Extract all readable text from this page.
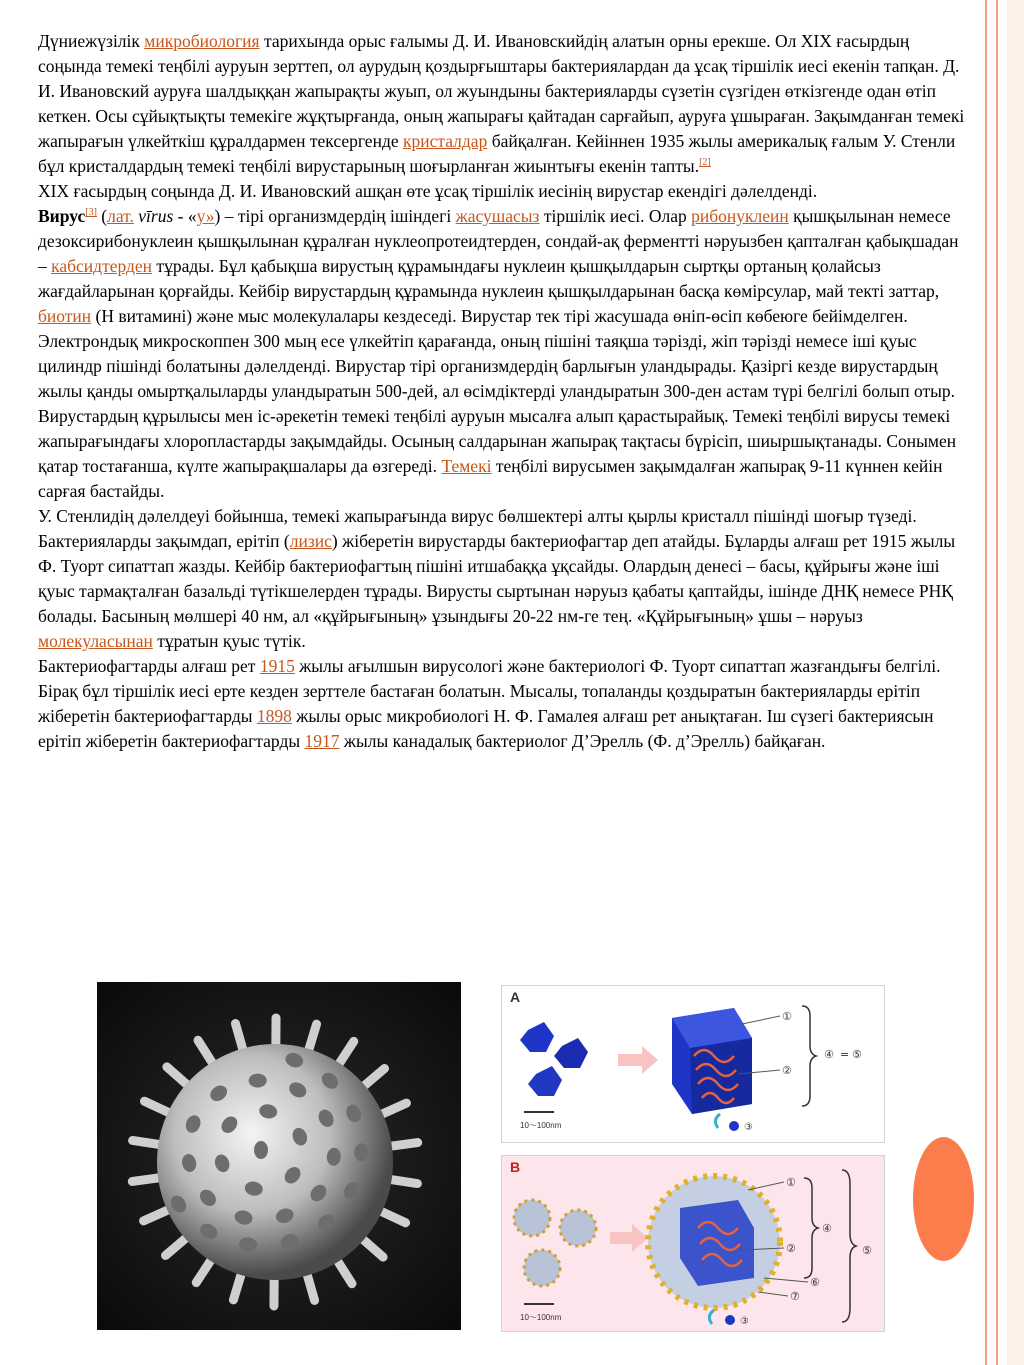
Дүниежүзілік микробиология тарихында орыс ғалымы Д. И. Ивановскийдің алатын орны ерекше. Ол XIX ғасырдың соңында темекі теңбілі ауруын зерттеп, ол аурудың қоздырғыштары бактериялардан да ұсақ тіршілік иесі екенін тапқан. Д. И. Ивановский ауруға шалдыққан жапырақты жуып, ол жуындыны бактерияларды сүзетін сүзгіден өткізгенде одан өтіп кеткен. Осы сұйықтықты темекіге жұқтырғанда, оның жапырағы қайтадан сарғайып, ауруға ұшыраған. Зақымданған темекі жапырағын үлкейткіш құралдармен тексергенде кристалдар байқалған. Кейіннен 1935 жылы америкалық ғалым У. Стенли бұл кристалдардың темекі теңбілі вирустарының шоғырланған жиынтығы екенін тапты.[2]

XIX ғасырдың соңында Д. И. Ивановский ашқан өте ұсақ тіршілік иесінің вирустар екендігі дәлелденді.

Вирус[3] (лат. vīrus - «у») – тірі организмдердің ішіндегі жасушасыз тіршілік иесі. Олар рибонуклеин қышқылынан немесе дезоксирибонуклеин қышқылынан құралған нуклеопротеидтерден, сондай-ақ ферментті нәруызбен қапталған қабықшадан – кабсидтерден тұрады. Бұл қабықша вирустың құрамындағы нуклеин қышқылдарын сыртқы ортаның қолайсыз жағдайларынан қорғайды. Кейбір вирустардың құрамында нуклеин қышқылдарынан басқа көмірсулар, май текті заттар, биотин (Н витамині) және мыс молекулалары кездеседі. Вирустар тек тірі жасушада өніп-өсіп көбеюге бейімделген. Электрондық микроскоппен 300 мың есе үлкейтіп қарағанда, оның пішіні таяқша тәрізді, жіп тәрізді немесе іші қуыс цилиндр пішінді болатыны дәлелденді. Вирустар тірі организмдердің барлығын уландырады. Қазіргі кезде вирустардың жылы қанды омыртқалыларды уландыратын 500-дей, ал өсімдіктерді уландыратын 300-ден астам түрі белгілі болып отыр.

Вирустардың құрылысы мен іс-әрекетін темекі теңбілі ауруын мысалға алып қарастырайық. Темекі теңбілі вирусы темекі жапырағындағы хлоропластарды зақымдайды. Осының салдарынан жапырақ тақтасы бүрісіп, шиыршықтанады. Сонымен қатар тостағанша, күлте жапырақшалары да өзгереді. Темекі теңбілі вирусымен зақымдалған жапырақ 9-11 күннен кейін сарғая бастайды.

У. Стенлидің дәлелдеуі бойынша, темекі жапырағында вирус бөлшектері алты қырлы кристалл пішінді шоғыр түзеді.

Бактерияларды зақымдап, ерітіп (лизис) жіберетін вирустарды бактериофагтар деп атайды. Бұларды алғаш рет 1915 жылы Ф. Туорт сипаттап жазды. Кейбір бактериофагтың пішіні итшабаққа ұқсайды. Олардың денесі – басы, құйрығы және іші қуыс тармақталған базальді түтікшелерден тұрады. Вирусты сыртынан нәруыз қабаты қаптайды, ішінде ДНҚ немесе РНҚ болады. Басының мөлшері 40 нм, ал «құйрығының» ұзындығы 20-22 нм-ге тең. «Құйрығының» ұшы – нәруыз молекуласынан тұратын қуыс түтік.

Бактериофагтарды алғаш рет 1915 жылы ағылшын вирусологі және бактериологі Ф. Туорт сипаттап жазғандығы белгілі. Бірақ бұл тіршілік иесі ерте кезден зерттеле бастаған болатын. Мысалы, топаланды қоздыратын бактерияларды ерітіп жіберетін бактериофагтарды 1898 жылы орыс микробиологі Н. Ф. Гамалея алғаш рет анықтаған. Іш сүзегі бактериясын ерітіп жіберетін бактериофагтарды 1917 жылы канадалық бактериолог Д’Эрелль (Ф. д’Эрелль) байқаған.

A
10～100nm
①
②
④ = ⑤
③
B
10～100nm
①
②
⑥
⑦
④
⑤
③
